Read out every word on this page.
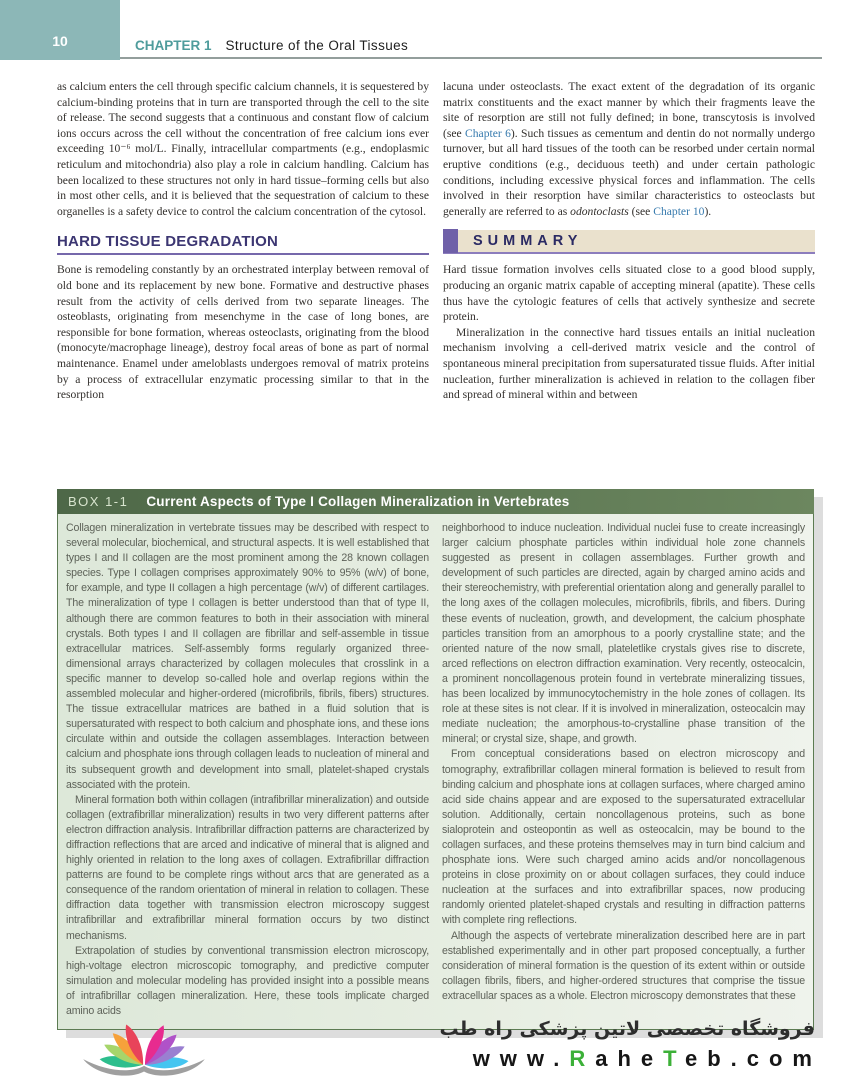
10	CHAPTER 1 Structure of the Oral Tissues

as calcium enters the cell through specific calcium channels, it is sequestered by calcium-binding proteins that in turn are transported through the cell to the site of release. The second suggests that a continuous and constant flow of calcium ions occurs across the cell without the concentration of free calcium ions ever exceeding 10⁻⁶ mol/L. Finally, intracellular compartments (e.g., endoplasmic reticulum and mitochondria) also play a role in calcium handling. Calcium has been localized to these structures not only in hard tissue–forming cells but also in most other cells, and it is believed that the sequestration of calcium to these organelles is a safety device to control the calcium concentration of the cytosol.

HARD TISSUE DEGRADATION

Bone is remodeling constantly by an orchestrated interplay between removal of old bone and its replacement by new bone. Formative and destructive phases result from the activity of cells derived from two separate lineages. The osteoblasts, originating from mesenchyme in the case of long bones, are responsible for bone formation, whereas osteoclasts, originating from the blood (monocyte/macrophage lineage), destroy focal areas of bone as part of normal maintenance. Enamel under ameloblasts undergoes removal of matrix proteins by a process of extracellular enzymatic processing similar to that in the resorption

lacuna under osteoclasts. The exact extent of the degradation of its organic matrix constituents and the exact manner by which their fragments leave the site of resorption are still not fully defined; in bone, transcytosis is involved (see Chapter 6). Such tissues as cementum and dentin do not normally undergo turnover, but all hard tissues of the tooth can be resorbed under certain normal eruptive conditions (e.g., deciduous teeth) and under certain pathologic conditions, including excessive physical forces and inflammation. The cells involved in their resorption have similar characteristics to osteoclasts but generally are referred to as odontoclasts (see Chapter 10).

SUMMARY

Hard tissue formation involves cells situated close to a good blood supply, producing an organic matrix capable of accepting mineral (apatite). These cells thus have the cytologic features of cells that actively synthesize and secrete protein.

Mineralization in the connective hard tissues entails an initial nucleation mechanism involving a cell-derived matrix vesicle and the control of spontaneous mineral precipitation from supersaturated tissue fluids. After initial nucleation, further mineralization is achieved in relation to the collagen fiber and spread of mineral within and between

BOX 1-1 Current Aspects of Type I Collagen Mineralization in Vertebrates

Collagen mineralization in vertebrate tissues may be described with respect to several molecular, biochemical, and structural aspects. It is well established that types I and II collagen are the most prominent among the 28 known collagen species. Type I collagen comprises approximately 90% to 95% (w/v) of bone, for example, and type II collagen a high percentage (w/v) of different cartilages. The mineralization of type I collagen is better understood than that of type II, although there are common features to both in their association with mineral crystals. Both types I and II collagen are fibrillar and self-assemble in tissue extracellular matrices. Self-assembly forms regularly organized three-dimensional arrays characterized by collagen molecules that crosslink in a specific manner to develop so-called hole and overlap regions within the assembled molecular and higher-ordered (microfibrils, fibrils, fibers) structures. The tissue extracellular matrices are bathed in a fluid solution that is supersaturated with respect to both calcium and phosphate ions, and these ions circulate within and outside the collagen assemblages. Interaction between calcium and phosphate ions through collagen leads to nucleation of mineral and its subsequent growth and development into small, platelet-shaped crystals associated with the protein.

Mineral formation both within collagen (intrafibrillar mineralization) and outside collagen (extrafibrillar mineralization) results in two very different patterns after electron diffraction analysis. Intrafibrillar diffraction patterns are characterized by diffraction reflections that are arced and indicative of mineral that is aligned and highly oriented in relation to the long axes of collagen. Extrafibrillar diffraction patterns are found to be complete rings without arcs that are generated as a consequence of the random orientation of mineral in relation to collagen. These diffraction data together with transmission electron microscopy suggest intrafibrillar and extrafibrillar mineral formation occurs by two distinct mechanisms.

Extrapolation of studies by conventional transmission electron microscopy, high-voltage electron microscopic tomography, and predictive computer simulation and molecular modeling has provided insight into a possible means of intrafibrillar collagen mineralization. Here, these tools implicate charged amino acids

neighborhood to induce nucleation. Individual nuclei fuse to create increasingly larger calcium phosphate particles within individual hole zone channels suggested as present in collagen assemblages. Further growth and development of such particles are directed, again by charged amino acids and their stereochemistry, with preferential orientation along and generally parallel to the long axes of the collagen molecules, microfibrils, fibrils, and fibers. During these events of nucleation, growth, and development, the calcium phosphate particles transition from an amorphous to a poorly crystalline state; and the oriented nature of the now small, plateletlike crystals gives rise to discrete, arced reflections on electron diffraction examination. Very recently, osteocalcin, a prominent noncollagenous protein found in vertebrate mineralizing tissues, has been localized by immunocytochemistry in the hole zones of collagen. Its role at these sites is not clear. If it is involved in mineralization, osteocalcin may mediate nucleation; the amorphous-to-crystalline phase transition of the mineral; or crystal size, shape, and growth.

From conceptual considerations based on electron microscopy and tomography, extrafibrillar collagen mineral formation is believed to result from binding calcium and phosphate ions at collagen surfaces, where charged amino acid side chains appear and are exposed to the supersaturated extracellular solution. Additionally, certain noncollagenous proteins, such as bone sialoprotein and osteopontin as well as osteocalcin, may be bound to the collagen surfaces, and these proteins themselves may in turn bind calcium and phosphate ions. Were such charged amino acids and/or noncollagenous proteins in close proximity on or about collagen surfaces, they could induce nucleation at the surfaces and into extrafibrillar spaces, now producing randomly oriented platelet-shaped crystals and resulting in diffraction patterns with complete ring reflections.

Although the aspects of vertebrate mineralization described here are in part established experimentally and in other part proposed conceptually, a further consideration of mineral formation is the question of its extent within or outside collagen fibrils, fibers, and higher-ordered structures that comprise the tissue extracellular spaces as a whole. Electron microscopy demonstrates that these

فروشگاه تخصصی لاتین پزشکی راه طب
www.RaheTeb.com
